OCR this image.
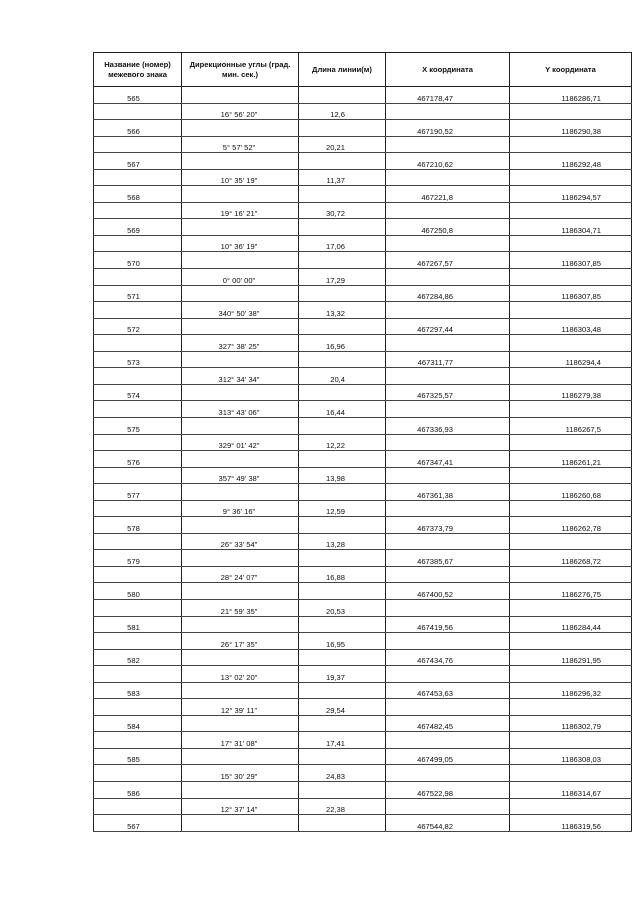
Название (номер) межевого знака	Дирекционные углы (град. мин. сек.)	Длина линии(м)	X координата	Y координата
565			467178,47	1186286,71
	16° 56' 20"	12,6		
566			467190,52	1186290,38
	5° 57' 52"	20,21		
567			467210,62	1186292,48
	10° 35' 19"	11,37		
568			467221,8	1186294,57
	19° 16' 21"	30,72		
569			467250,8	1186304,71
	10° 36' 19"	17,06		
570			467267,57	1186307,85
	0° 00' 00"	17,29		
571			467284,86	1186307,85
	340° 50' 38"	13,32		
572			467297,44	1186303,48
	327° 38' 25"	16,96		
573			467311,77	1186294,4
	312° 34' 34"	20,4		
574			467325,57	1186279,38
	313° 43' 06"	16,44		
575			467336,93	1186267,5
	329° 01' 42"	12,22		
576			467347,41	1186261,21
	357° 49' 38"	13,98		
577			467361,38	1186260,68
	9° 36' 16"	12,59		
578			467373,79	1186262,78
	26° 33' 54"	13,28		
579			467385,67	1186268,72
	28° 24' 07"	16,88		
580			467400,52	1186276,75
	21° 59' 35"	20,53		
581			467419,56	1186284,44
	26° 17' 35"	16,95		
582			467434,76	1186291,95
	13° 02' 20"	19,37		
583			467453,63	1186296,32
	12° 39' 11"	29,54		
584			467482,45	1186302,79
	17° 31' 08"	17,41		
585			467499,05	1186308,03
	15° 30' 29"	24,83		
586			467522,98	1186314,67
	12° 37' 14"	22,38		
567			467544,82	1186319,56
